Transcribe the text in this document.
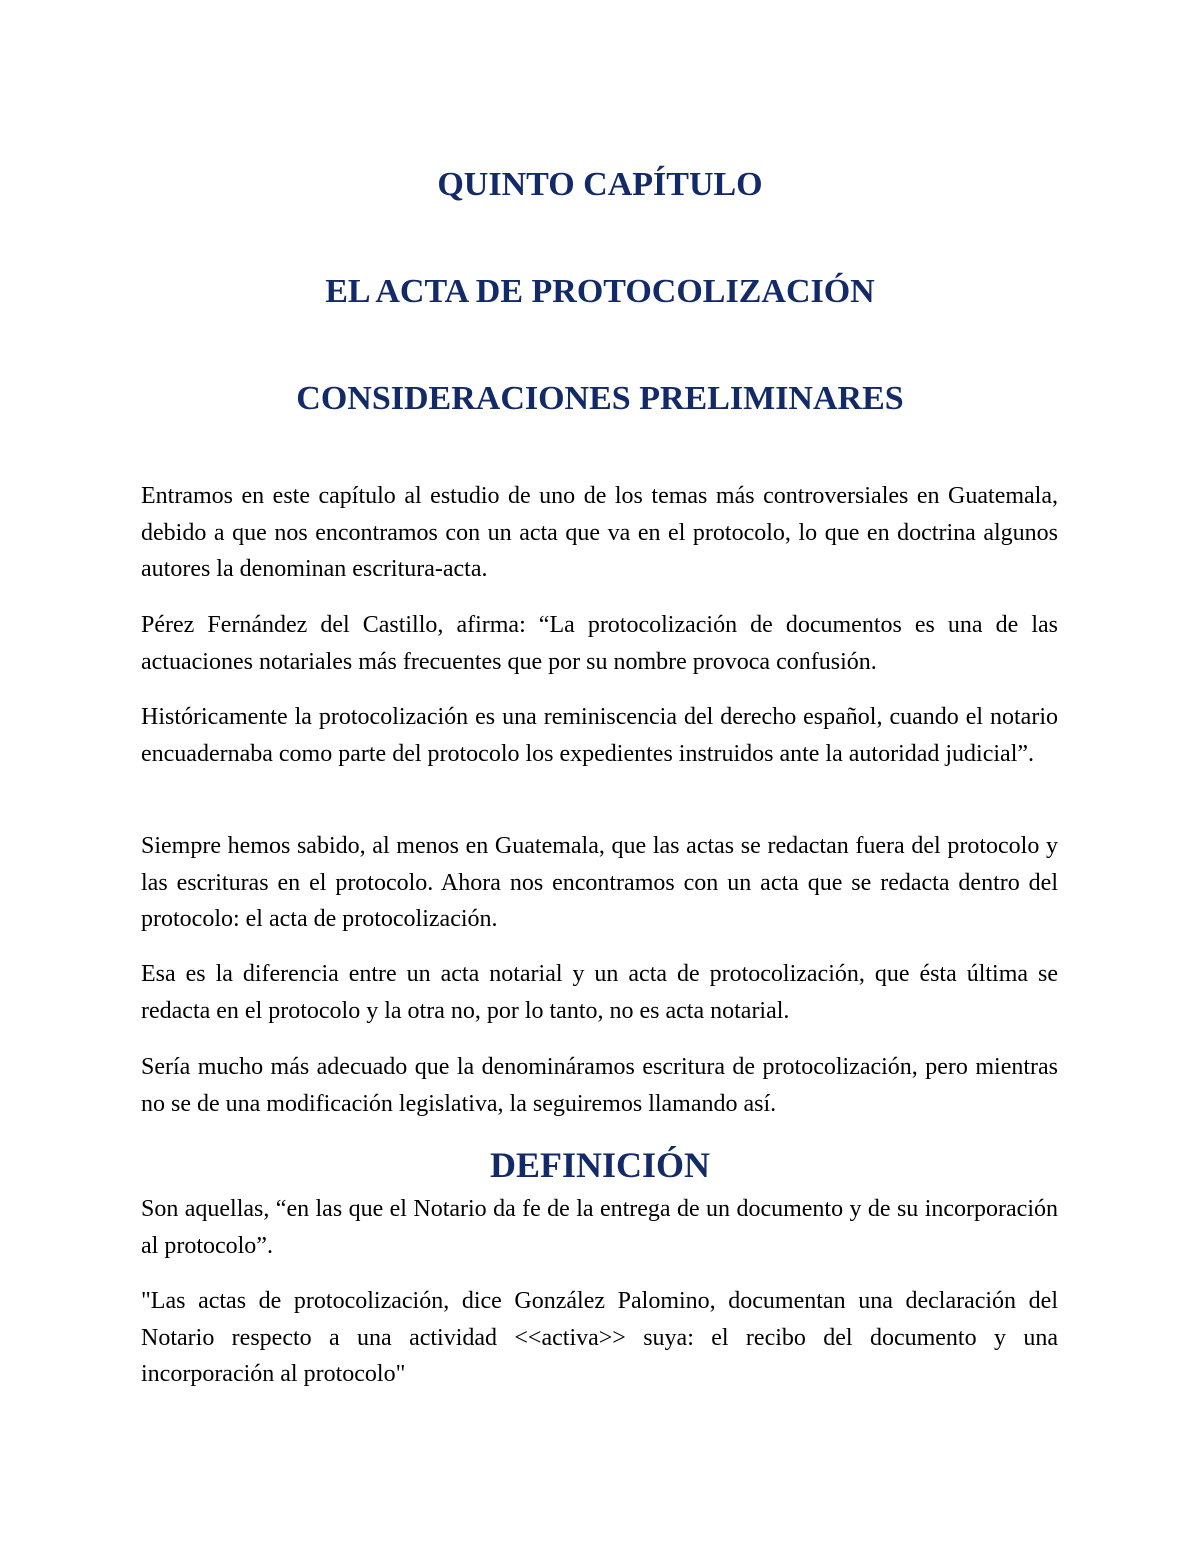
QUINTO CAPÍTULO
EL ACTA DE PROTOCOLIZACIÓN
CONSIDERACIONES PRELIMINARES

Entramos en este capítulo al estudio de uno de los temas más controversiales en Guatemala, debido a que nos encontramos con un acta que va en el protocolo, lo que en doctrina algunos autores la denominan escritura-acta.

Pérez Fernández del Castillo, afirma: “La protocolización de documentos es una de las actuaciones notariales más frecuentes que por su nombre provoca confusión.

Históricamente la protocolización es una reminiscencia del derecho español, cuando el notario encuadernaba como parte del protocolo los expedientes instruidos ante la autoridad judicial”.

Siempre hemos sabido, al menos en Guatemala, que las actas se redactan fuera del protocolo y las escrituras en el protocolo. Ahora nos encontramos con un acta que se redacta dentro del protocolo: el acta de protocolización.

Esa es la diferencia entre un acta notarial y un acta de protocolización, que ésta última se redacta en el protocolo y la otra no, por lo tanto, no es acta notarial.

Sería mucho más adecuado que la denomináramos escritura de protocolización, pero mientras no se de una modificación legislativa, la seguiremos llamando así.

DEFINICIÓN

Son aquellas, “en las que el Notario da fe de la entrega de un documento y de su incorporación al protocolo”.

"Las actas de protocolización, dice González Palomino, documentan una declaración del Notario respecto a una actividad <<activa>> suya: el recibo del documento y una incorporación al protocolo"
